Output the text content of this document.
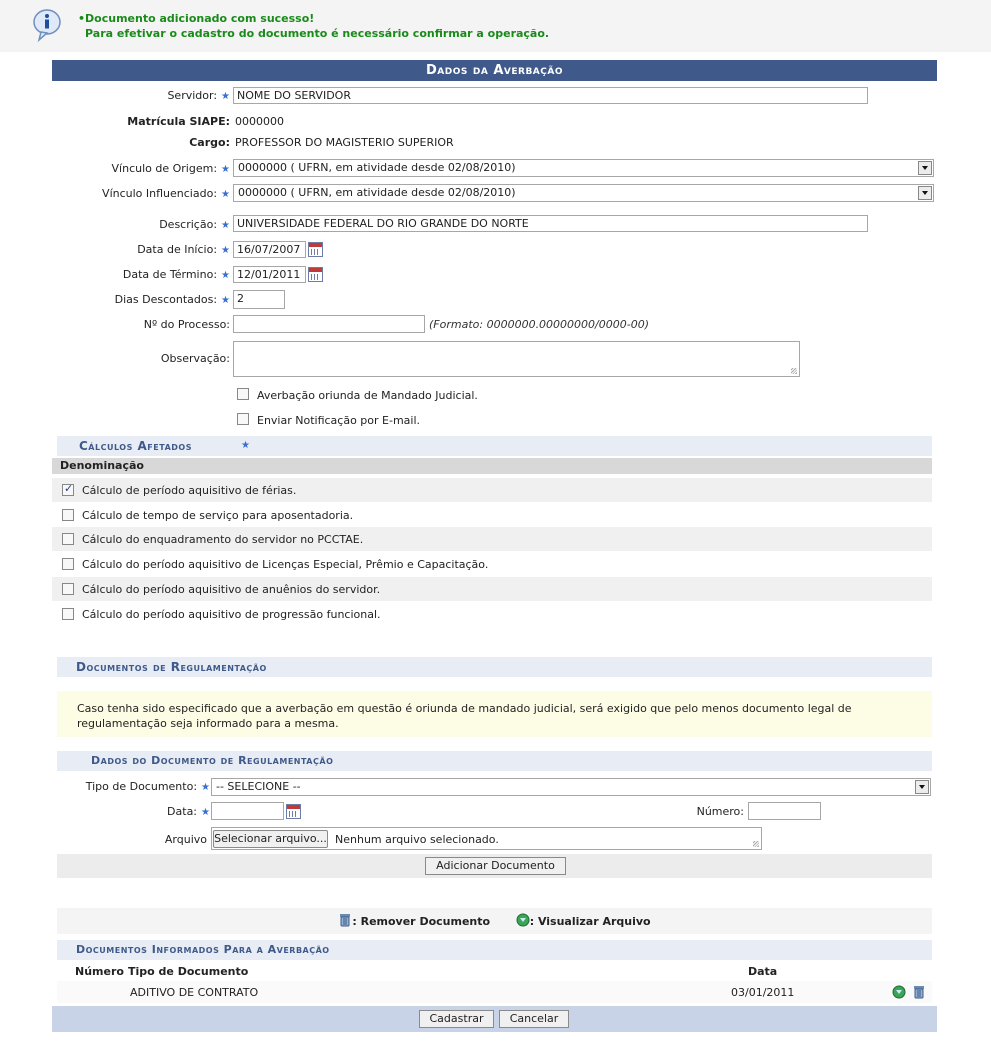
• Documento adicionado com sucesso!
Para efetivar o cadastro do documento é necessário confirmar a operação.
Dados da Averbação
Servidor: ★ NOME DO SERVIDOR
Matrícula SIAPE: 0000000
Cargo: PROFESSOR DO MAGISTERIO SUPERIOR
Vínculo de Origem: ★ 0000000 ( UFRN, em atividade desde 02/08/2010)
Vínculo Influenciado: ★ 0000000 ( UFRN, em atividade desde 02/08/2010)
Descrição: ★ UNIVERSIDADE FEDERAL DO RIO GRANDE DO NORTE
Data de Início: ★ 16/07/2007
Data de Término: ★ 12/01/2011
Dias Descontados: ★ 2
Nº do Processo:	(Formato: 0000000.00000000/0000-00)
Observação:
Averbação oriunda de Mandado Judicial.
Enviar Notificação por E-mail.
Cálculos Afetados	★
Denominação
✓
Cálculo de período aquisitivo de férias.
Cálculo de tempo de serviço para aposentadoria.
Cálculo do enquadramento do servidor no PCCTAE.
Cálculo do período aquisitivo de Licenças Especial, Prêmio e Capacitação.
Cálculo do período aquisitivo de anuênios do servidor.
Cálculo do período aquisitivo de progressão funcional.
Documentos de Regulamentação
Caso tenha sido especificado que a averbação em questão é oriunda de mandado judicial, será exigido que pelo menos documento legal de regulamentação seja informado para a mesma.
Dados do Documento de Regulamentação
Tipo de Documento: ★ -- SELECIONE --
Data: ★	Número:
Arquivo Selecionar arquivo... Nenhum arquivo selecionado.
Adicionar Documento
: Remover Documento	: Visualizar Arquivo
Documentos Informados Para a Averbação
Número Tipo de Documento	Data
ADITIVO DE CONTRATO	03/01/2011
Cadastrar	Cancelar
